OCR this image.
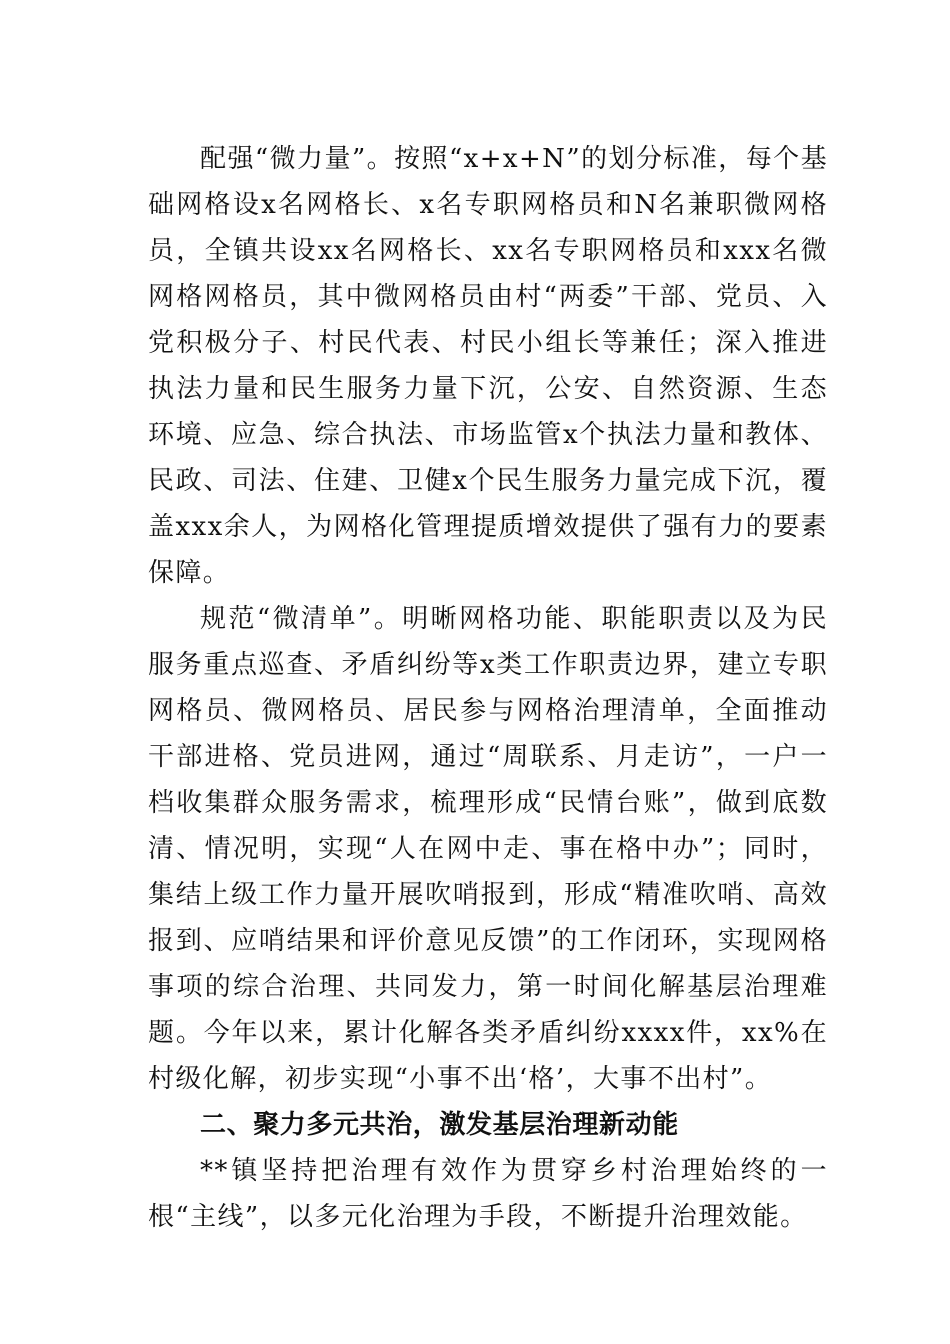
配强“微力量”。按照“x+x+N”的划分标准，每个基础网格设x名网格长、x名专职网格员和N名兼职微网格员，全镇共设xx名网格长、xx名专职网格员和xxx名微网格网格员，其中微网格员由村“两委”干部、党员、入党积极分子、村民代表、村民小组长等兼任；深入推进执法力量和民生服务力量下沉，公安、自然资源、生态环境、应急、综合执法、市场监管x个执法力量和教体、民政、司法、住建、卫健x个民生服务力量完成下沉，覆盖xxx余人，为网格化管理提质增效提供了强有力的要素保障。

规范“微清单”。明晰网格功能、职能职责以及为民服务重点巡查、矛盾纠纷等x类工作职责边界，建立专职网格员、微网格员、居民参与网格治理清单，全面推动干部进格、党员进网，通过“周联系、月走访”，一户一档收集群众服务需求，梳理形成“民情台账”，做到底数清、情况明，实现“人在网中走、事在格中办”；同时，集结上级工作力量开展吹哨报到，形成“精准吹哨、高效报到、应哨结果和评价意见反馈”的工作闭环，实现网格事项的综合治理、共同发力，第一时间化解基层治理难题。今年以来，累计化解各类矛盾纠纷xxxx件，xx%在村级化解，初步实现“小事不出‘格’，大事不出村”。

二、聚力多元共治，激发基层治理新动能

**镇坚持把治理有效作为贯穿乡村治理始终的一根“主线”，以多元化治理为手段，不断提升治理效能。
